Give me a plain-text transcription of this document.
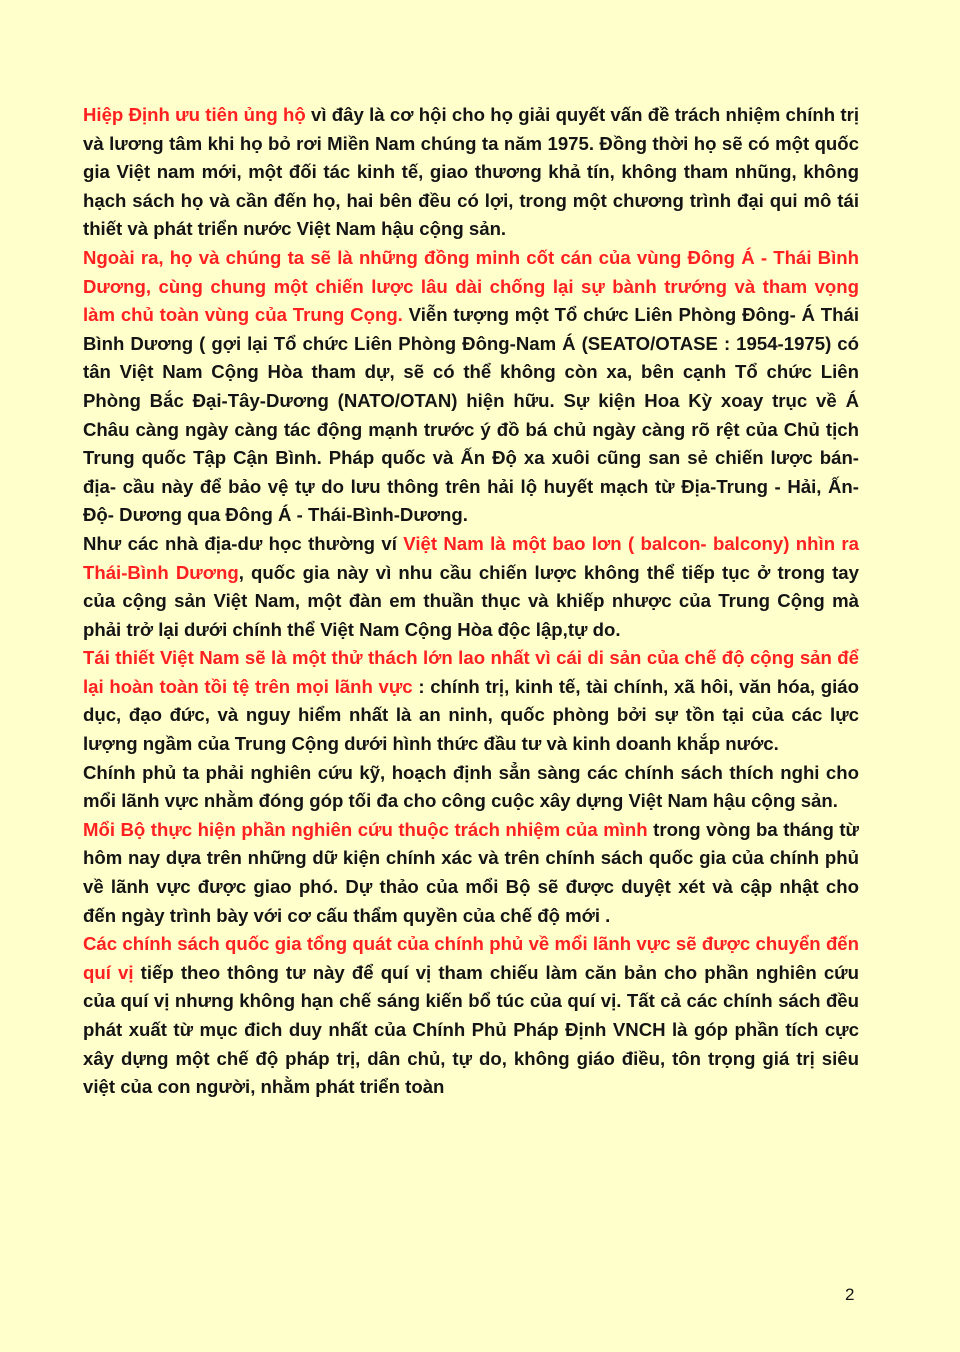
Hiệp Định ưu tiên ủng hộ vì đây là cơ hội cho họ giải quyết vấn đề trách nhiệm chính trị và lương tâm khi họ bỏ rơi Miền Nam chúng ta năm 1975. Đồng thời họ sẽ có một quốc gia Việt nam mới, một đối tác kinh tế, giao thương khả tín, không tham nhũng, không hạch sách họ và cần đến họ, hai bên đều có lợi, trong một chương trình đại qui mô tái thiết và phát triển nước Việt Nam hậu cộng sản.

Ngoài ra, họ và chúng ta sẽ là những đồng minh cốt cán của vùng Đông Á - Thái Bình Dương, cùng chung một chiến lược lâu dài chống lại sự bành trướng và tham vọng làm chủ toàn vùng của Trung Cọng. Viễn tượng một Tổ chức Liên Phòng Đông- Á Thái Bình Dương ( gợi lại Tổ chức Liên Phòng Đông-Nam Á (SEATO/OTASE : 1954-1975) có tân Việt Nam Cộng Hòa tham dự, sẽ có thể không còn xa, bên cạnh Tổ chức Liên Phòng Bắc Đại-Tây-Dương (NATO/OTAN) hiện hữu. Sự kiện Hoa Kỳ xoay trục về Á Châu càng ngày càng tác động mạnh trước ý đồ bá chủ ngày càng rõ rệt của Chủ tịch Trung quốc Tập Cận Bình. Pháp quốc và Ấn Độ xa xuôi cũng san sẻ chiến lược bán-địa- cầu này để bảo vệ tự do lưu thông trên hải lộ huyết mạch từ Địa-Trung - Hải, Ấn- Độ- Dương qua Đông Á - Thái-Bình-Dương.

Như các nhà địa-dư học thường ví Việt Nam là một bao lơn ( balcon- balcony) nhìn ra Thái-Bình Dương, quốc gia này vì nhu cầu chiến lược không thể tiếp tục ở trong tay của cộng sản Việt Nam, một đàn em thuần thục và khiếp nhược của Trung Cộng mà phải trở lại dưới chính thể Việt Nam Cộng Hòa độc lập,tự do.

Tái thiết Việt Nam sẽ là một thử thách lớn lao nhất vì cái di sản của chế độ cộng sản để lại hoàn toàn tồi tệ trên mọi lãnh vực : chính trị, kinh tế, tài chính, xã hôi, văn hóa, giáo dục, đạo đức, và nguy hiểm nhất là an ninh, quốc phòng bởi sự tồn tại của các lực lượng ngầm của Trung Cộng dưới hình thức đầu tư và kinh doanh khắp nước.

Chính phủ ta phải nghiên cứu kỹ, hoạch định sẳn sàng các chính sách thích nghi cho mổi lãnh vực nhằm đóng góp tối đa cho công cuộc xây dựng Việt Nam hậu cộng sản.

Mổi Bộ thực hiện phần nghiên cứu thuộc trách nhiệm của mình trong vòng ba tháng từ hôm nay dựa trên những dữ kiện chính xác và trên chính sách quốc gia của chính phủ về lãnh vực được giao phó. Dự thảo của mổi Bộ sẽ được duyệt xét và cập nhật cho đến ngày trình bày với cơ cấu thẩm quyền của chế độ mới .

Các chính sách quốc gia tổng quát của chính phủ về mổi lãnh vực sẽ được chuyển đến quí vị tiếp theo thông tư này để quí vị tham chiếu làm căn bản cho phần nghiên cứu của quí vị nhưng không hạn chế sáng kiến bổ túc của quí vị. Tất cả các chính sách đều phát xuất từ mục đich duy nhất của Chính Phủ Pháp Định VNCH là góp phần tích cực xây dựng một chế độ pháp trị, dân chủ, tự do, không giáo điều, tôn trọng giá trị siêu việt của con người, nhằm phát triển toàn

2
